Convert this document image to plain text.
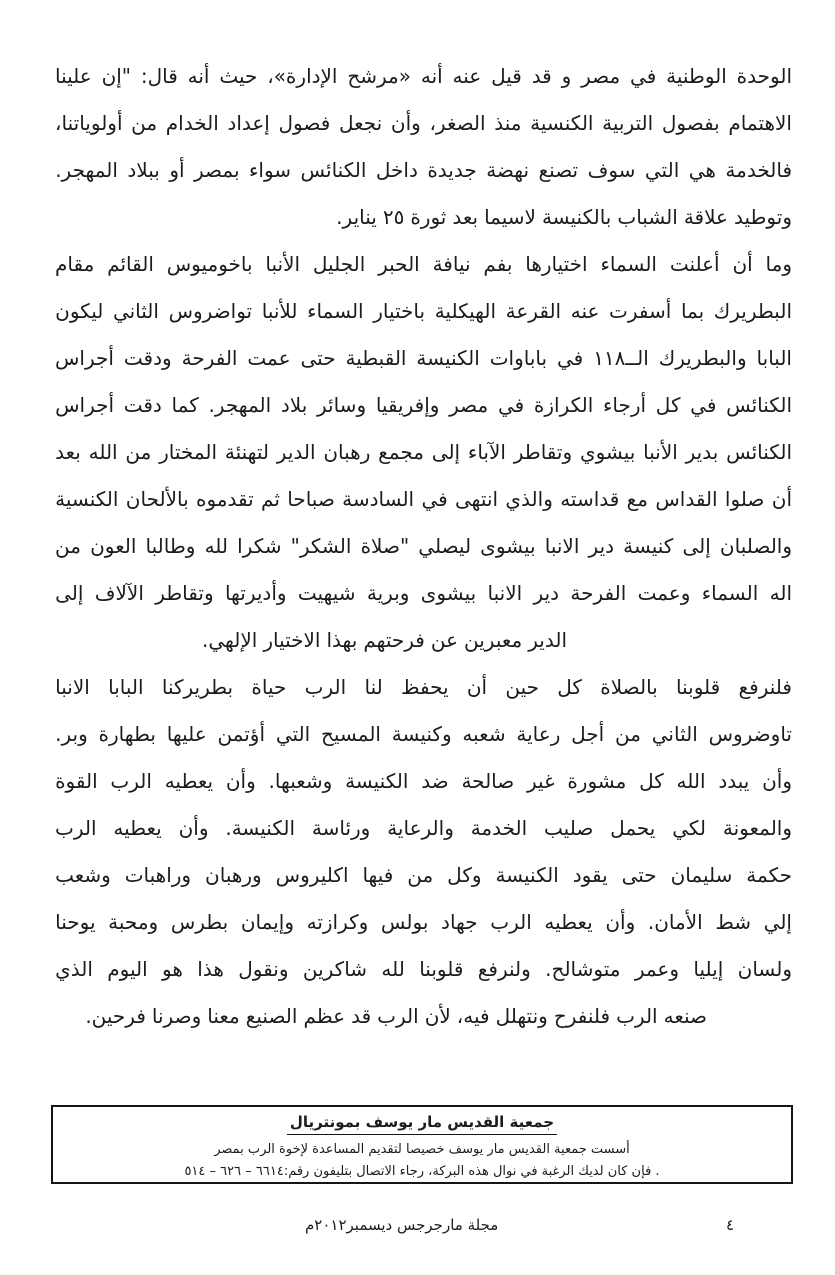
الوحدة
الوطنية
في
مصر
و
قد
قيل
عنه
أنه
«مرشح
الإدارة»،
حيث
أنه
قال:
"إن
علينا
الاهتمام
بفصول
التربية
الكنسية
منذ
الصغر،
وأن
نجعل
فصول
إعداد
الخدام
من
أولوياتنا،
فالخدمة
هي
التي
سوف
تصنع
نهضة
جديدة
داخل
الكنائس
سواء
بمصر
أو
ببلاد
المهجر.
وتوطيد
علاقة
الشباب
بالكنيسة
لاسيما
بعد
ثورة
٢٥
يناير.
وما
أن
أعلنت
السماء
اختيارها
بفم
نيافة
الحبر
الجليل
الأنبا
باخوميوس
القائم
مقام
البطريرك
بما
أسفرت
عنه
القرعة
الهيكلية
باختيار
السماء
للأنبا
تواضروس
الثاني
ليكون
البابا
والبطريرك
الــ١١٨
في
باباوات
الكنيسة
القبطية
حتى
عمت
الفرحة
ودقت
أجراس
الكنائس
في
كل
أرجاء
الكرازة
في
مصر
وإفريقيا
وسائر
بلاد
المهجر.
كما
دقت
أجراس
الكنائس
بدير
الأنبا
بيشوي
وتقاطر
الآباء
إلى
مجمع
رهبان
الدير
لتهنئة
المختار
من
الله
بعد
أن
صلوا
القداس
مع
قداسته
والذي
انتهى
في
السادسة
صباحا
ثم
تقدموه
بالألحان
الكنسية
والصلبان
إلى
كنيسة
دير
الانبا
بيشوى
ليصلي
"صلاة
الشكر"
شكرا
لله
وطالبا
العون
من
اله
السماء
وعمت
الفرحة
دير
الانبا
بيشوى
وبرية
شيهيت
وأديرتها
وتقاطر
الآلاف
إلى
الدير
معبرين
عن
فرحتهم
بهذا
الاختيار
الإلهي.
فلنرفع
قلوبنا
بالصلاة
كل
حين
أن
يحفظ
لنا
الرب
حياة
بطريركنا
البابا
الانبا
تاوضروس
الثاني
من
أجل
رعاية
شعبه
وكنيسة
المسيح
التي
أؤتمن
عليها
بطهارة
وبر.
وأن
يبدد
الله
كل
مشورة
غير
صالحة
ضد
الكنيسة
وشعبها.
وأن
يعطيه
الرب
القوة
والمعونة
لكي
يحمل
صليب
الخدمة
والرعاية
ورئاسة
الكنيسة.
وأن
يعطيه
الرب
حكمة
سليمان
حتى
يقود
الكنيسة
وكل
من
فيها
اكليروس
ورهبان
وراهبات
وشعب
إلي
شط
الأمان.
وأن
يعطيه
الرب
جهاد
بولس
وكرازته
وإيمان
بطرس
ومحبة
يوحنا
ولسان
إيليا
وعمر
متوشالح.
ولنرفع
قلوبنا
لله
شاكرين
ونقول
هذا
هو
اليوم
الذي
صنعه
الرب
فلنفرح
ونتهلل
فيه،
لأن
الرب
قد
عظم
الصنيع
معنا
وصرنا
فرحين.
جمعية القديس مار يوسف بمونتريال
أسست جمعية القديس مار يوسف خصيصا لتقديم المساعدة لإخوة الرب بمصر
. فإن كان لديك الرغبة في نوال هذه البركة، رجاء الاتصال بتليفون رقم:٦٦١٤ – ٦٢٦ – ٥١٤
مجلة مارجرجس ديسمبر٢٠١٢م	٤
